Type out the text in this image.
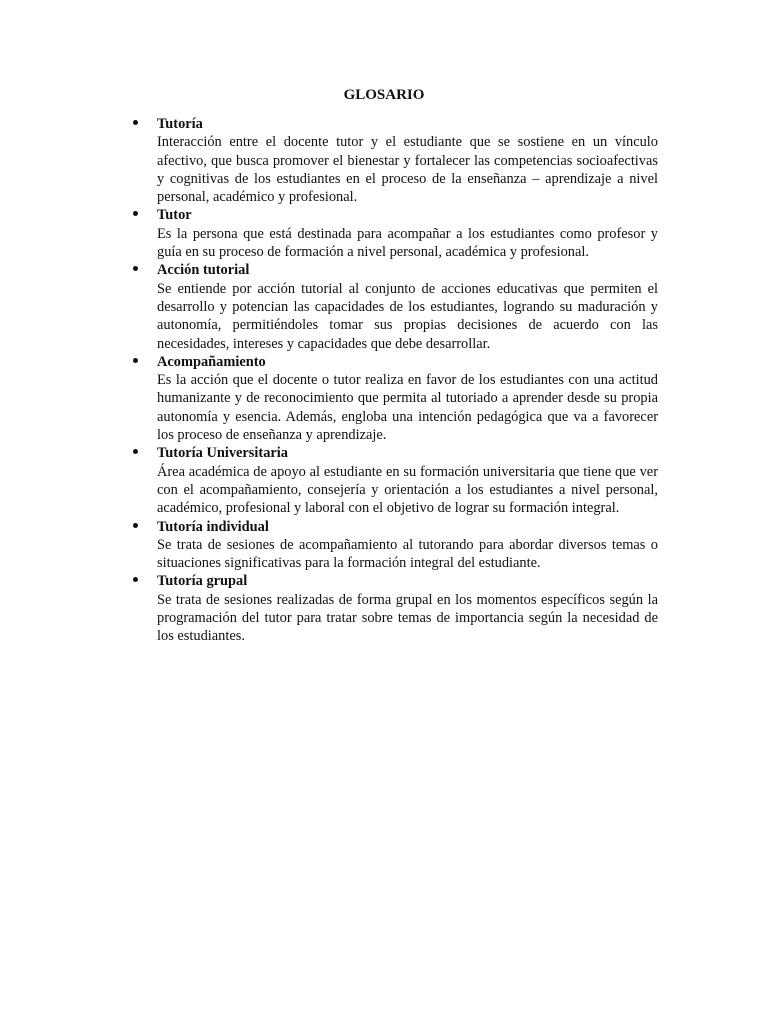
GLOSARIO
Tutoría

Interacción entre el docente tutor y el estudiante que se sostiene en un vínculo afectivo, que busca promover el bienestar y fortalecer las competencias socioafectivas y cognitivas de los estudiantes en el proceso de la enseñanza – aprendizaje a nivel personal, académico y profesional.

Tutor

Es la persona que está destinada para acompañar a los estudiantes como profesor y guía en su proceso de formación a nivel personal, académica y profesional.

Acción tutorial

Se entiende por acción tutorial al conjunto de acciones educativas que permiten el desarrollo y potencian las capacidades de los estudiantes, logrando su maduración y autonomía, permitiéndoles tomar sus propias decisiones de acuerdo con las necesidades, intereses y capacidades que debe desarrollar.

Acompañamiento

Es la acción que el docente o tutor realiza en favor de los estudiantes con una actitud humanizante y de reconocimiento que permita al tutoriado a aprender desde su propia autonomía y esencia. Además, engloba una intención pedagógica que va a favorecer los proceso de enseñanza y aprendizaje.

Tutoría Universitaria

Área académica de apoyo al estudiante en su formación universitaria que tiene que ver con el acompañamiento, consejería y orientación a los estudiantes a nivel personal, académico, profesional y laboral con el objetivo de lograr su formación integral.

Tutoría individual

Se trata de sesiones de acompañamiento al tutorando para abordar diversos temas o situaciones significativas para la formación integral del estudiante.

Tutoría grupal

Se trata de sesiones realizadas de forma grupal en los momentos específicos según la programación del tutor para tratar sobre temas de importancia según la necesidad de los estudiantes.
